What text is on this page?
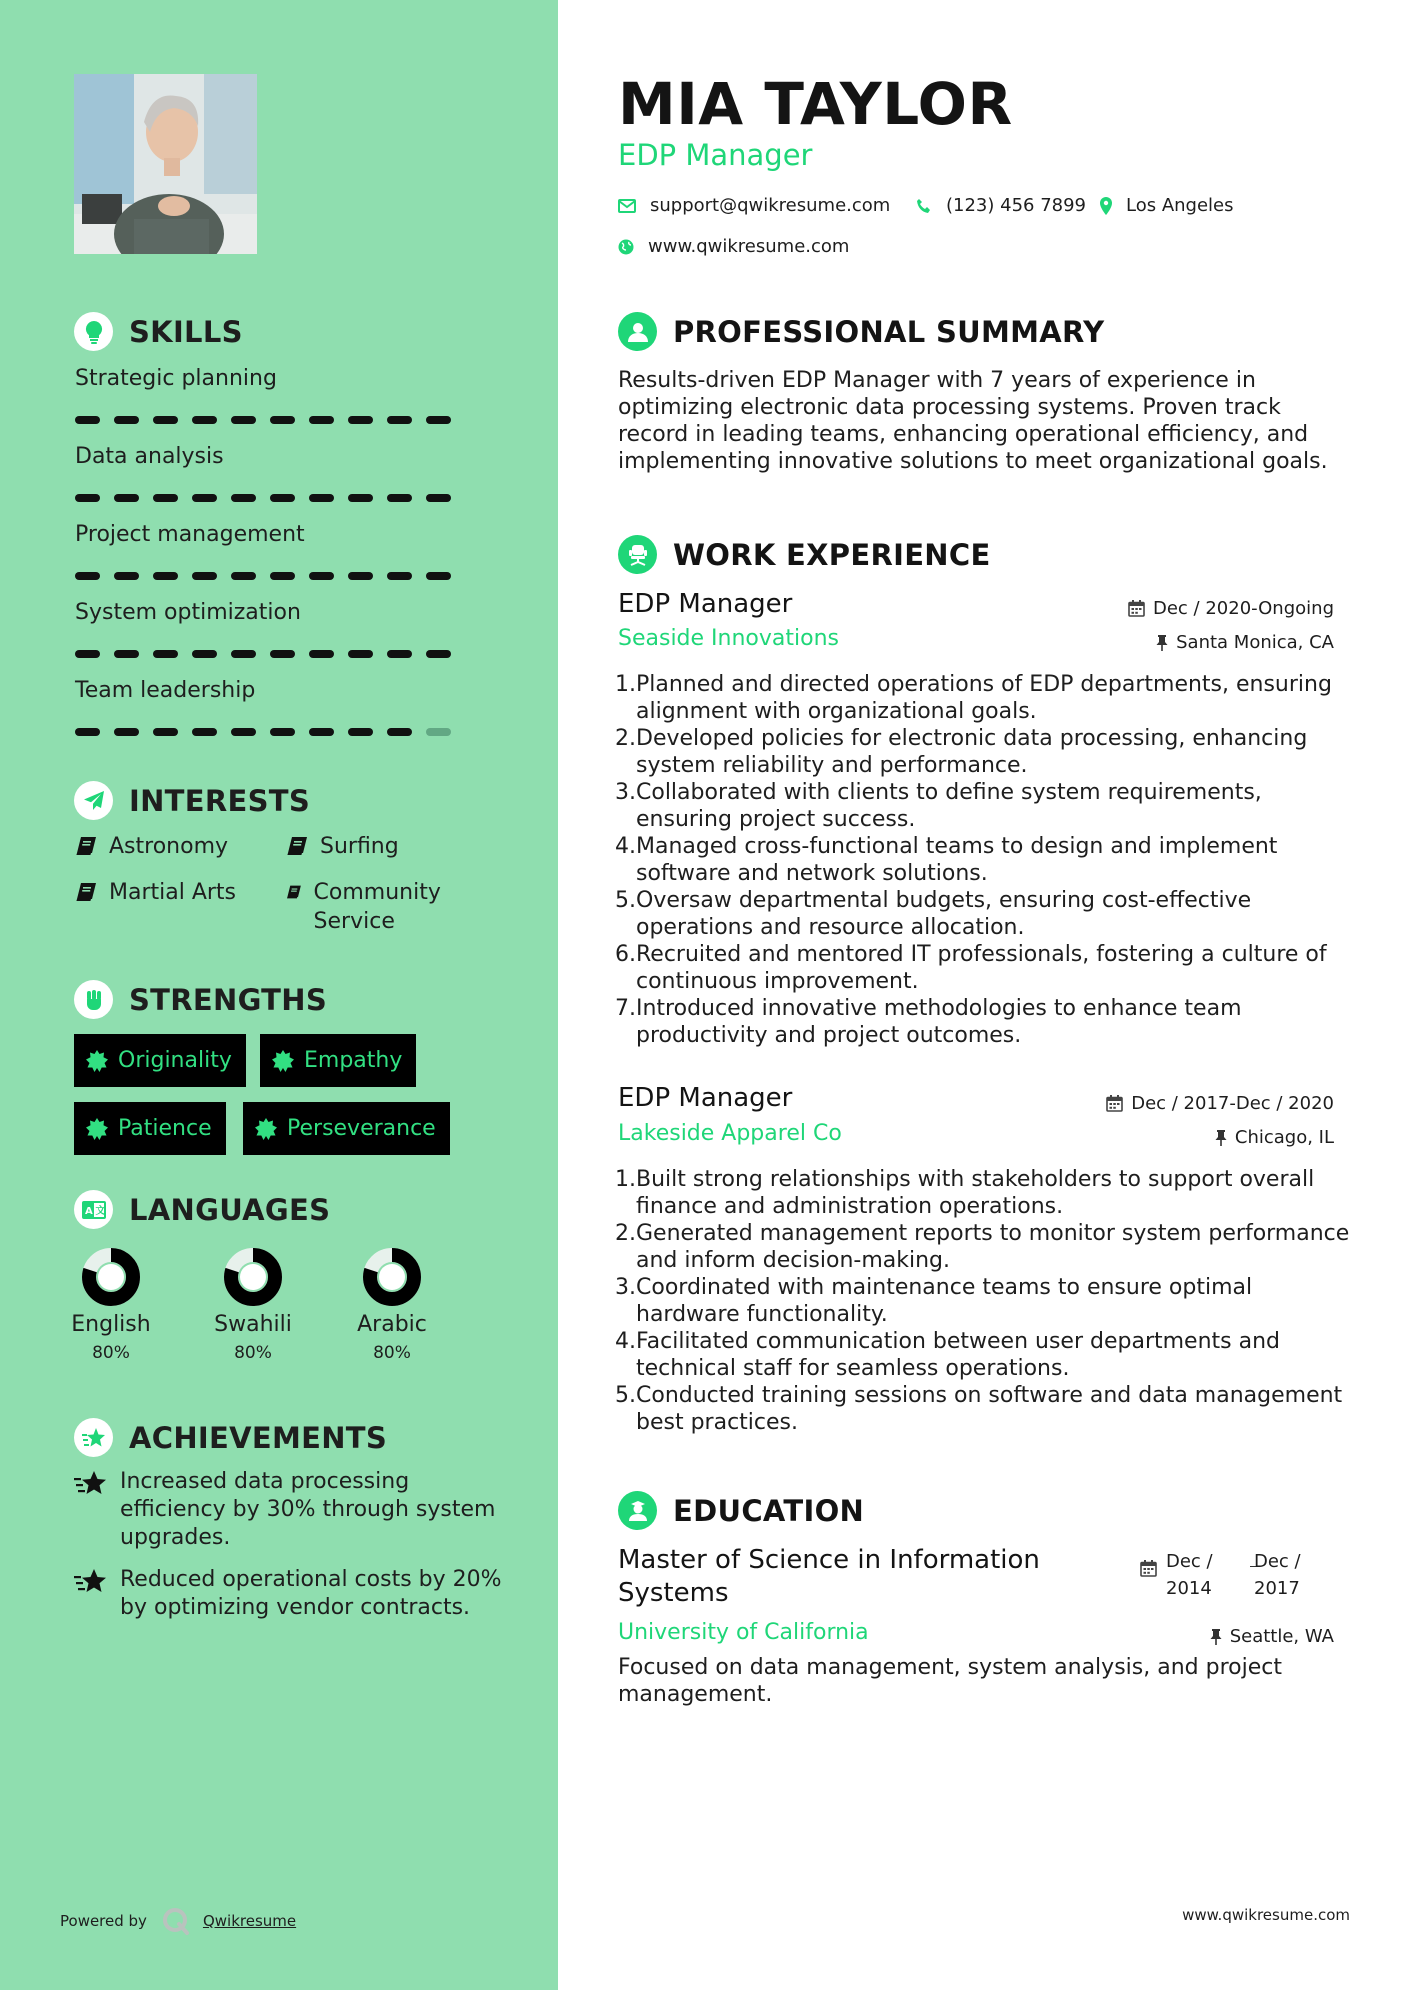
SKILLS
Strategic planning
Data analysis
Project management
System optimization
Team leadership
INTERESTS
Astronomy	Surfing
Martial Arts	Community Service
STRENGTHS
Originality	Empathy
Patience	Perseverance
A 文 LANGUAGES
English
80%
Swahili
80%
Arabic
80%
ACHIEVEMENTS
Increased data processing efficiency by 30% through system upgrades.
Reduced operational costs by 20% by optimizing vendor contracts.
Powered by	Qwikresume
MIA TAYLOR
EDP Manager
support@qwikresume.com	(123) 456 7899 Los Angeles
www.qwikresume.com
PROFESSIONAL SUMMARY
Results-driven EDP Manager with 7 years of experience in optimizing electronic data processing systems. Proven track record in leading teams, enhancing operational efficiency, and implementing innovative solutions to meet organizational goals.
WORK EXPERIENCE
EDP Manager	Dec / 2020-Ongoing
Seaside Innovations	Santa Monica, CA
Planned and directed operations of EDP departments, ensuring alignment with organizational goals.
Developed policies for electronic data processing, enhancing system reliability and performance.
Collaborated with clients to define system requirements, ensuring project success.
Managed cross-functional teams to design and implement software and network solutions.
Oversaw departmental budgets, ensuring cost-effective operations and resource allocation.
Recruited and mentored IT professionals, fostering a culture of continuous improvement.
Introduced innovative methodologies to enhance team productivity and project outcomes.
EDP Manager	Dec / 2017-Dec / 2020
Lakeside Apparel Co	Chicago, IL
Built strong relationships with stakeholders to support overall finance and administration operations.
Generated management reports to monitor system performance and inform decision-making.
Coordinated with maintenance teams to ensure optimal hardware functionality.
Facilitated communication between user departments and technical staff for seamless operations.
Conducted training sessions on software and data management best practices.
EDUCATION
Master of Science in Information Systems
Dec / 2014
Dec / 2017
University of California	Seattle, WA
Focused on data management, system analysis, and project management.
www.qwikresume.com
